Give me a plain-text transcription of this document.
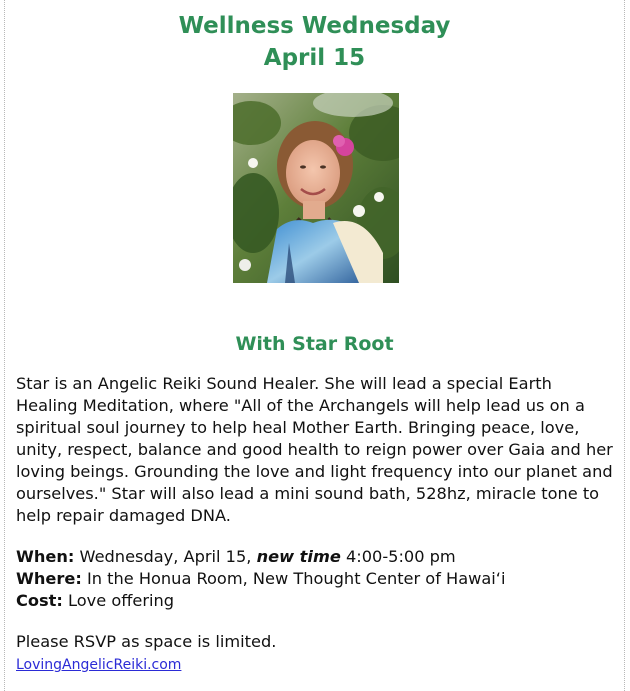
Wellness Wednesday
April 15
With Star Root

Star is an Angelic Reiki Sound Healer. She will lead a special Earth Healing Meditation, where "All of the Archangels will help lead us on a spiritual soul journey to help heal Mother Earth. Bringing peace, love, unity, respect, balance and good health to reign power over Gaia and her loving beings. Grounding the love and light frequency into our planet and ourselves." Star will also lead a mini sound bath, 528hz, miracle tone to help repair damaged DNA.

When: Wednesday, April 15, new time 4:00-5:00 pm
Where: In the Honua Room, New Thought Center of Hawai‘i
Cost: Love offering
Please RSVP as space is limited.
LovingAngelicReiki.com
